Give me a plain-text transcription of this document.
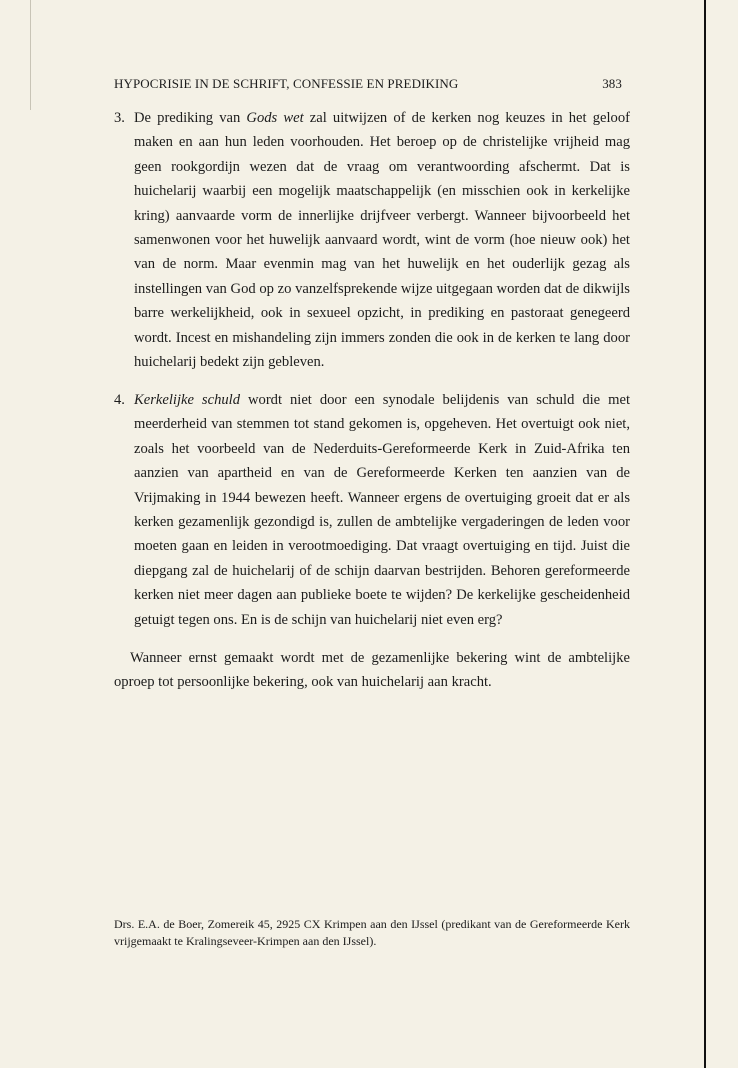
HYPOCRISIE IN DE SCHRIFT, CONFESSIE EN PREDIKING	383
3. De prediking van Gods wet zal uitwijzen of de kerken nog keuzes in het geloof maken en aan hun leden voorhouden. Het beroep op de christelijke vrijheid mag geen rookgordijn wezen dat de vraag om verantwoording afschermt. Dat is huichelarij waarbij een mogelijk maatschappelijk (en misschien ook in kerkelijke kring) aanvaarde vorm de innerlijke drijfveer verbergt. Wanneer bijvoorbeeld het samenwonen voor het huwelijk aanvaard wordt, wint de vorm (hoe nieuw ook) het van de norm. Maar evenmin mag van het huwelijk en het ouderlijk gezag als instellingen van God op zo vanzelfsprekende wijze uitgegaan worden dat de dikwijls barre werkelijkheid, ook in sexueel opzicht, in prediking en pastoraat genegeerd wordt. Incest en mishandeling zijn immers zonden die ook in de kerken te lang door huichelarij bedekt zijn gebleven.

4. Kerkelijke schuld wordt niet door een synodale belijdenis van schuld die met meerderheid van stemmen tot stand gekomen is, opgeheven. Het overtuigt ook niet, zoals het voorbeeld van de Nederduits-Gereformeerde Kerk in Zuid-Afrika ten aanzien van apartheid en van de Gereformeerde Kerken ten aanzien van de Vrijmaking in 1944 bewezen heeft. Wanneer ergens de overtuiging groeit dat er als kerken gezamenlijk gezondigd is, zullen de ambtelijke vergaderingen de leden voor moeten gaan en leiden in verootmoediging. Dat vraagt overtuiging en tijd. Juist die diepgang zal de huichelarij of de schijn daarvan bestrijden. Behoren gereformeerde kerken niet meer dagen aan publieke boete te wijden? De kerkelijke gescheidenheid getuigt tegen ons. En is de schijn van huichelarij niet even erg?

Wanneer ernst gemaakt wordt met de gezamenlijke bekering wint de ambtelijke oproep tot persoonlijke bekering, ook van huichelarij aan kracht.

Drs. E.A. de Boer, Zomereik 45, 2925 CX Krimpen aan den IJssel (predikant van de Gereformeerde Kerk vrijgemaakt te Kralingseveer-Krimpen aan den IJssel).
